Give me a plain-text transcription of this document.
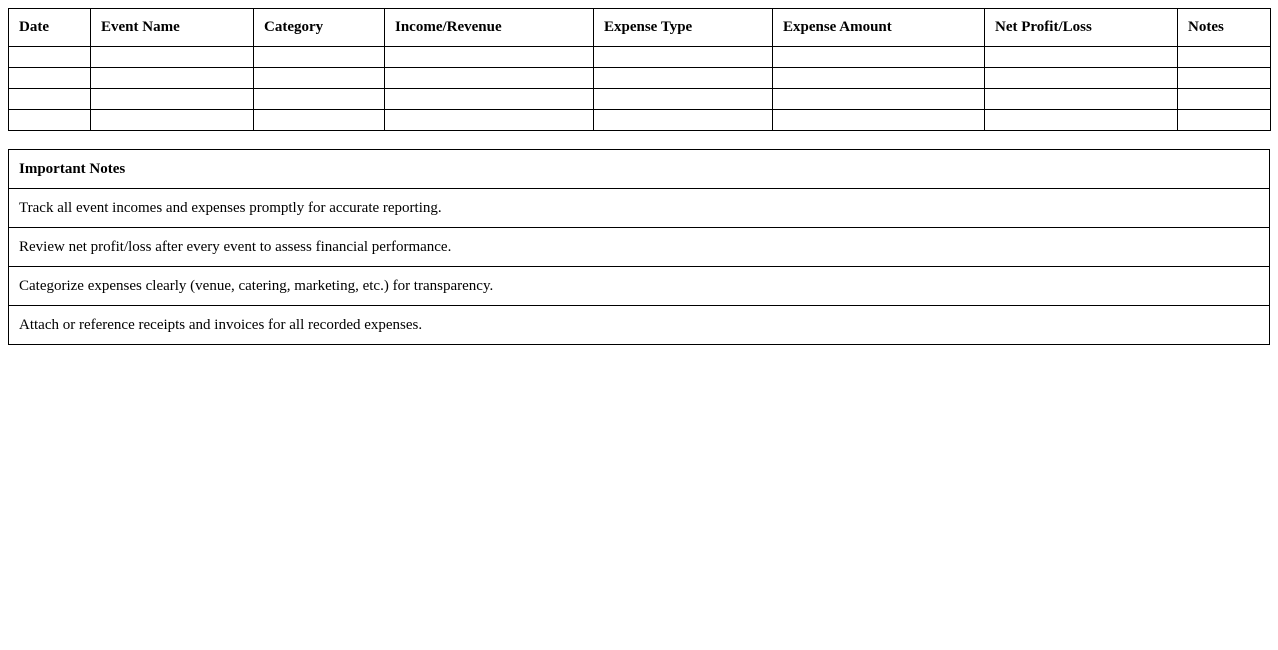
Date	Event Name	Category	Income/Revenue	Expense Type	Expense Amount	Net Profit/Loss	Notes

Important Notes
Track all event incomes and expenses promptly for accurate reporting.
Review net profit/loss after every event to assess financial performance.
Categorize expenses clearly (venue, catering, marketing, etc.) for transparency.
Attach or reference receipts and invoices for all recorded expenses.
